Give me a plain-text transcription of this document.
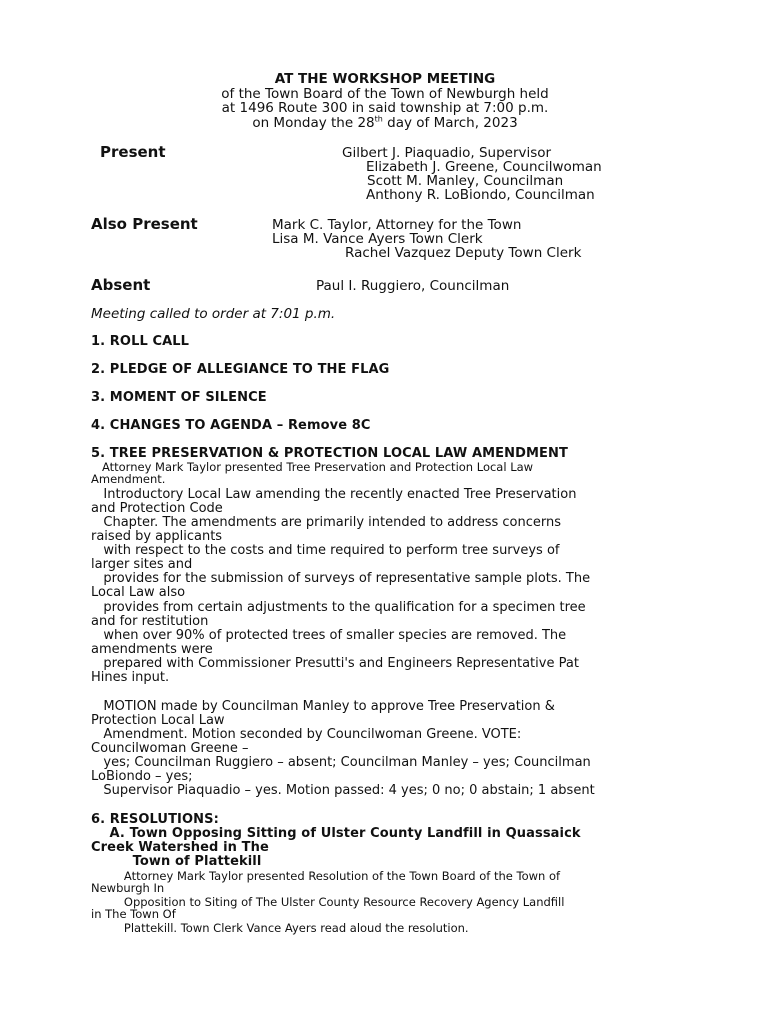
AT THE WORKSHOP MEETING
of the Town Board of the Town of Newburgh held
at 1496 Route 300 in said township at 7:00 p.m.
on Monday the 28th day of March, 2023
Present	Gilbert J. Piaquadio, Supervisor
Elizabeth J. Greene, Councilwoman
Scott M. Manley, Councilman
Anthony R. LoBiondo, Councilman
Also Present	Mark C. Taylor, Attorney for the Town
Lisa M. Vance Ayers Town Clerk
Rachel Vazquez Deputy Town Clerk
Absent	Paul I. Ruggiero, Councilman
Meeting called to order at 7:01 p.m.
1. ROLL CALL
2. PLEDGE OF ALLEGIANCE TO THE FLAG
3. MOMENT OF SILENCE
4. CHANGES TO AGENDA – Remove 8C
5. TREE PRESERVATION & PROTECTION LOCAL LAW AMENDMENT
Attorney Mark Taylor presented Tree Preservation and Protection Local Law
Amendment.
Introductory Local Law amending the recently enacted Tree Preservation
and Protection Code
Chapter. The amendments are primarily intended to address concerns
raised by applicants
with respect to the costs and time required to perform tree surveys of
larger sites and
provides for the submission of surveys of representative sample plots. The
Local Law also
provides from certain adjustments to the qualification for a specimen tree
and for restitution
when over 90% of protected trees of smaller species are removed. The
amendments were
prepared with Commissioner Presutti's and Engineers Representative Pat
Hines input.
MOTION made by Councilman Manley to approve Tree Preservation &
Protection Local Law
Amendment. Motion seconded by Councilwoman Greene. VOTE:
Councilwoman Greene –
yes; Councilman Ruggiero – absent; Councilman Manley – yes; Councilman
LoBiondo – yes;
Supervisor Piaquadio – yes. Motion passed: 4 yes; 0 no; 0 abstain; 1 absent
6. RESOLUTIONS:
A. Town Opposing Sitting of Ulster County Landfill in Quassaick
Creek Watershed in The
Town of Plattekill
Attorney Mark Taylor presented Resolution of the Town Board of the Town of
Newburgh In
Opposition to Siting of The Ulster County Resource Recovery Agency Landfill
in The Town Of
Plattekill. Town Clerk Vance Ayers read aloud the resolution.
